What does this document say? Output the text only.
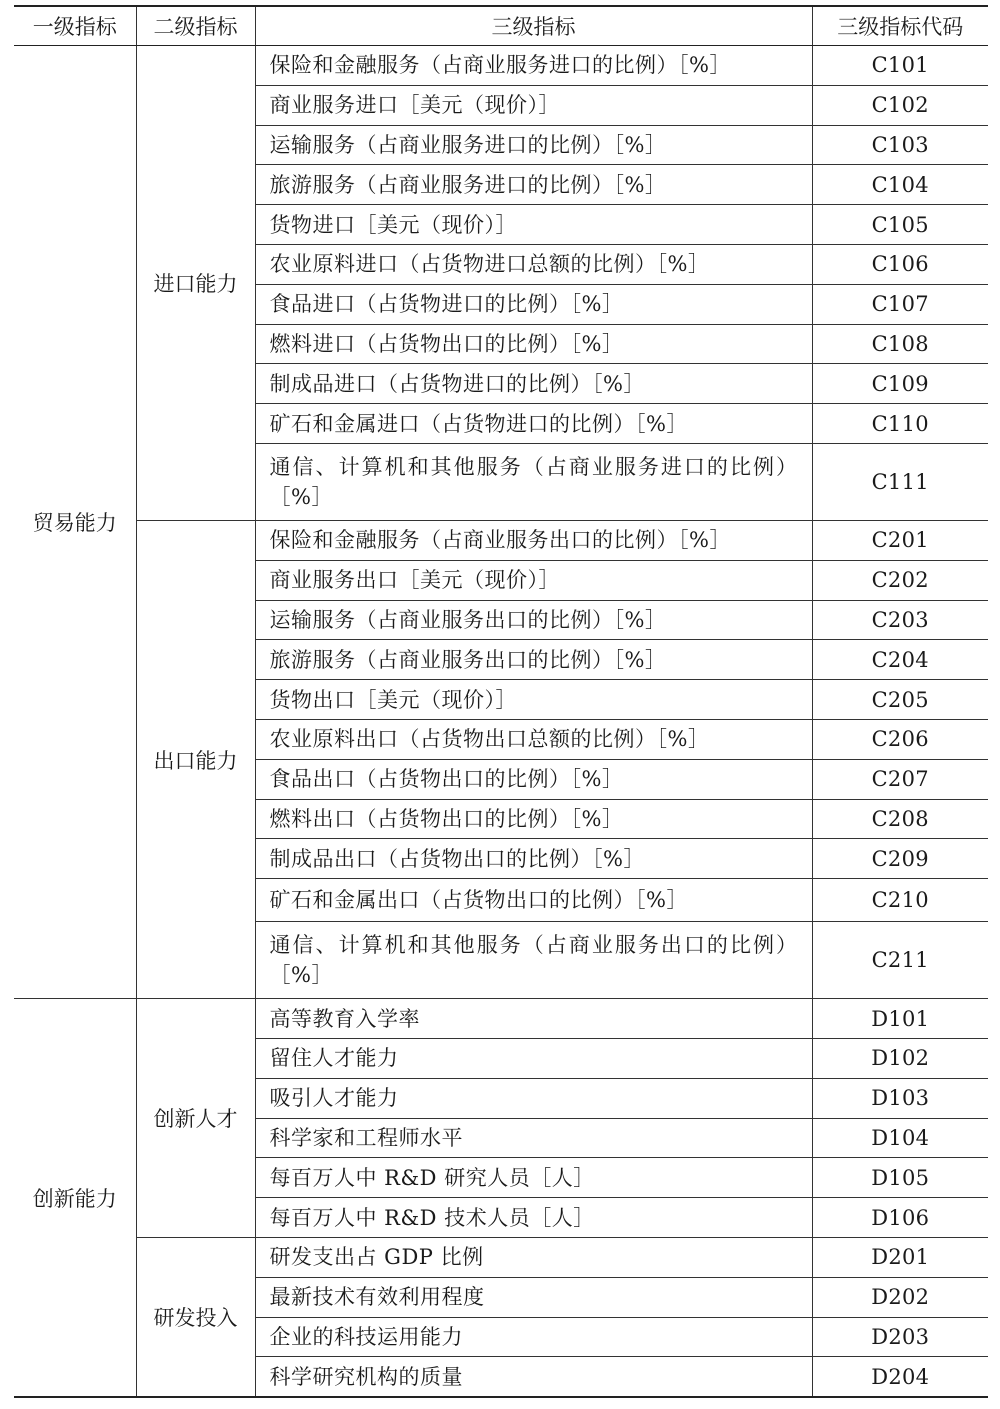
一级指标	二级指标	三级指标	三级指标代码
贸易能力	进口能力	保险和金融服务（占商业服务进口的比例）［%］	C101
		商业服务进口［美元（现价）］	C102
		运输服务（占商业服务进口的比例）［%］	C103
		旅游服务（占商业服务进口的比例）［%］	C104
		货物进口［美元（现价）］	C105
		农业原料进口（占货物进口总额的比例）［%］	C106
		食品进口（占货物进口的比例）［%］	C107
		燃料进口（占货物出口的比例）［%］	C108
		制成品进口（占货物进口的比例）［%］	C109
		矿石和金属进口（占货物进口的比例）［%］	C110
		通信、计算机和其他服务（占商业服务进口的比例）［%］	C111
	出口能力	保险和金融服务（占商业服务出口的比例）［%］	C201
		商业服务出口［美元（现价）］	C202
		运输服务（占商业服务出口的比例）［%］	C203
		旅游服务（占商业服务出口的比例）［%］	C204
		货物出口［美元（现价）］	C205
		农业原料出口（占货物出口总额的比例）［%］	C206
		食品出口（占货物出口的比例）［%］	C207
		燃料出口（占货物出口的比例）［%］	C208
		制成品出口（占货物出口的比例）［%］	C209
		矿石和金属出口（占货物出口的比例）［%］	C210
		通信、计算机和其他服务（占商业服务出口的比例）［%］	C211
创新能力	创新人才	高等教育入学率	D101
		留住人才能力	D102
		吸引人才能力	D103
		科学家和工程师水平	D104
		每百万人中 R&D 研究人员［人］	D105
		每百万人中 R&D 技术人员［人］	D106
	研发投入	研发支出占 GDP 比例	D201
		最新技术有效利用程度	D202
		企业的科技运用能力	D203
		科学研究机构的质量	D204
